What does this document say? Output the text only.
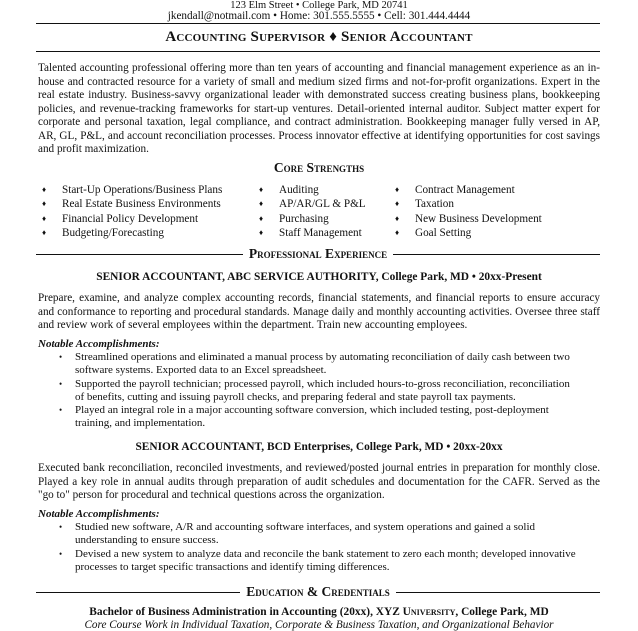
123 Elm Street • College Park, MD 20741
jkendall@notmail.com • Home: 301.555.5555 • Cell: 301.444.4444
Accounting Supervisor ♦ Senior Accountant

Talented accounting professional offering more than ten years of accounting and financial management experience as an in-house and contracted resource for a variety of small and medium sized firms and not-for-profit organizations. Expert in the real estate industry. Business-savvy organizational leader with demonstrated success creating business plans, bookkeeping policies, and revenue-tracking frameworks for start-up ventures. Detail-oriented internal auditor. Subject matter expert for corporate and personal taxation, legal compliance, and contract administration. Bookkeeping manager fully versed in AP, AR, GL, P&L, and account reconciliation processes. Process innovator effective at identifying opportunities for cost savings and profit maximization.

Core Strengths
♦ Start-Up Operations/Business Plans
♦ Real Estate Business Environments
♦ Financial Policy Development
♦ Budgeting/Forecasting
♦ Auditing
♦ AP/AR/GL & P&L
♦ Purchasing
♦ Staff Management
♦ Contract Management
♦ Taxation
♦ New Business Development
♦ Goal Setting
Professional Experience
SENIOR ACCOUNTANT, ABC SERVICE AUTHORITY, College Park, MD • 20xx-Present

Prepare, examine, and analyze complex accounting records, financial statements, and financial reports to ensure accuracy and conformance to reporting and procedural standards. Manage daily and monthly accounting activities. Oversee three staff and review work of several employees within the department. Train new accounting employees.

Notable Accomplishments:
• Streamlined operations and eliminated a manual process by automating reconciliation of daily cash between two software systems. Exported data to an Excel spreadsheet.
• Supported the payroll technician; processed payroll, which included hours-to-gross reconciliation, reconciliation of benefits, cutting and issuing payroll checks, and preparing federal and state payroll tax payments.
• Played an integral role in a major accounting software conversion, which included testing, post-deployment training, and implementation.
SENIOR ACCOUNTANT, BCD Enterprises, College Park, MD • 20xx-20xx

Executed bank reconciliation, reconciled investments, and reviewed/posted journal entries in preparation for monthly close. Played a key role in annual audits through preparation of audit schedules and documentation for the CAFR. Served as the "go to" person for procedural and technical questions across the organization.

Notable Accomplishments:
• Studied new software, A/R and accounting software interfaces, and system operations and gained a solid understanding to ensure success.
• Devised a new system to analyze data and reconcile the bank statement to zero each month; developed innovative processes to target specific transactions and identify timing differences.
Education & Credentials
Bachelor of Business Administration in Accounting (20xx), XYZ University, College Park, MD
Core Course Work in Individual Taxation, Corporate & Business Taxation, and Organizational Behavior
